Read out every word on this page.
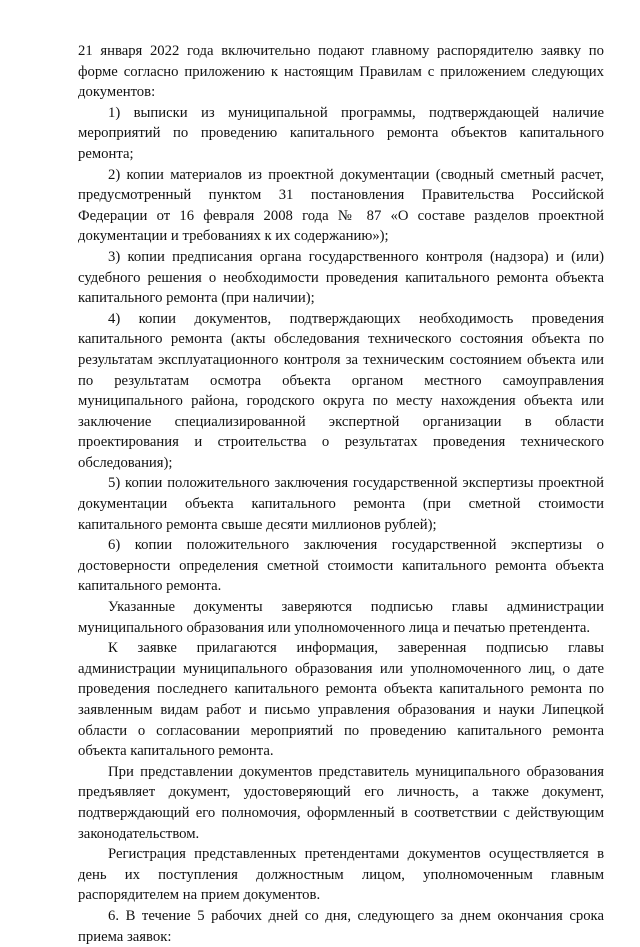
21 января 2022 года включительно подают главному распорядителю заявку по форме согласно приложению к настоящим Правилам с приложением следующих документов:

1) выписки из муниципальной программы, подтверждающей наличие мероприятий по проведению капитального ремонта объектов капитального ремонта;

2) копии материалов из проектной документации (сводный сметный расчет, предусмотренный пунктом 31 постановления Правительства Российской Федерации от 16 февраля 2008 года № 87 «О составе разделов проектной документации и требованиях к их содержанию»);

3) копии предписания органа государственного контроля (надзора) и (или) судебного решения о необходимости проведения капитального ремонта объекта капитального ремонта (при наличии);

4) копии документов, подтверждающих необходимость проведения капитального ремонта (акты обследования технического состояния объекта по результатам эксплуатационного контроля за техническим состоянием объекта или по результатам осмотра объекта органом местного самоуправления муниципального района, городского округа по месту нахождения объекта или заключение специализированной экспертной организации в области проектирования и строительства о результатах проведения технического обследования);

5) копии положительного заключения государственной экспертизы проектной документации объекта капитального ремонта (при сметной стоимости капитального ремонта свыше десяти миллионов рублей);

6) копии положительного заключения государственной экспертизы о достоверности определения сметной стоимости капитального ремонта объекта капитального ремонта.

Указанные документы заверяются подписью главы администрации муниципального образования или уполномоченного лица и печатью претендента.

К заявке прилагаются информация, заверенная подписью главы администрации муниципального образования или уполномоченного лиц, о дате проведения последнего капитального ремонта объекта капитального ремонта по заявленным видам работ и письмо управления образования и науки Липецкой области о согласовании мероприятий по проведению капитального ремонта объекта капитального ремонта.

При представлении документов представитель муниципального образования предъявляет документ, удостоверяющий его личность, а также документ, подтверждающий его полномочия, оформленный в соответствии с действующим законодательством.

Регистрация представленных претендентами документов осуществляется в день их поступления должностным лицом, уполномоченным главным распорядителем на прием документов.

6. В течение 5 рабочих дней со дня, следующего за днем окончания срока приема заявок:
